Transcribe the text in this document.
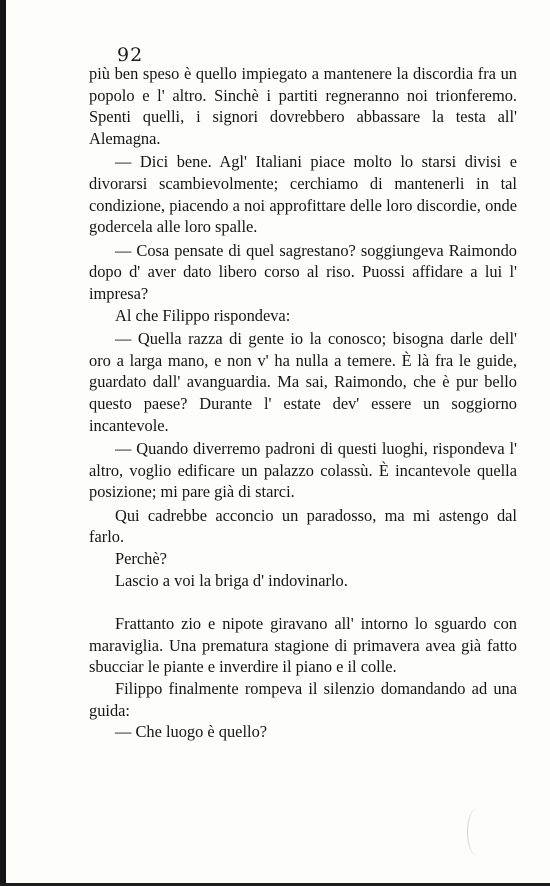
92

più ben speso è quello impiegato a mantenere la discordia fra un popolo e l' altro. Sinchè i partiti regneranno noi trionferemo. Spenti quelli, i signori dovrebbero abbassare la testa all' Alemagna.

— Dici bene. Agl' Italiani piace molto lo starsi divisi e divorarsi scambievolmente; cerchiamo di mantenerli in tal condizione, piacendo a noi approfittare delle loro discordie, onde godercela alle loro spalle.

— Cosa pensate di quel sagrestano? soggiungeva Raimondo dopo d' aver dato libero corso al riso. Puossi affidare a lui l' impresa?

Al che Filippo rispondeva:

— Quella razza di gente io la conosco; bisogna darle dell' oro a larga mano, e non v' ha nulla a temere. È là fra le guide, guardato dall' avanguardia. Ma sai, Raimondo, che è pur bello questo paese? Durante l' estate dev' essere un soggiorno incantevole.

— Quando diverremo padroni di questi luoghi, rispondeva l' altro, voglio edificare un palazzo colassù. È incantevole quella posizione; mi pare già di starci.

Qui cadrebbe acconcio un paradosso, ma mi astengo dal farlo.

Perchè?

Lascio a voi la briga d' indovinarlo.

Frattanto zio e nipote giravano all' intorno lo sguardo con maraviglia. Una prematura stagione di primavera avea già fatto sbucciar le piante e inverdire il piano e il colle.

Filippo finalmente rompeva il silenzio domandando ad una guida:

— Che luogo è quello?
